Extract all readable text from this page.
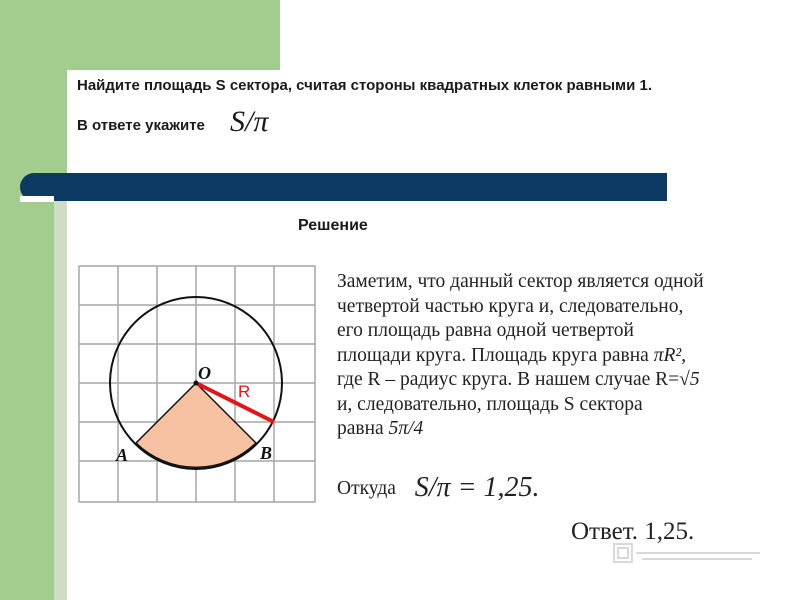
Найдите площадь S сектора, считая стороны квадратных клеток равными 1.
В ответе укажите S/π
Решение
O
R
A	B
Заметим, что данный сектор является одной
четвертой частью круга и, следовательно,
его площадь равна одной четвертой
площади круга. Площадь круга равна πR²,
где R – радиус круга. В нашем случае R=√5
и, следовательно, площадь S сектора
равна 5π/4
Откуда S/π = 1,25.
Ответ. 1,25.
